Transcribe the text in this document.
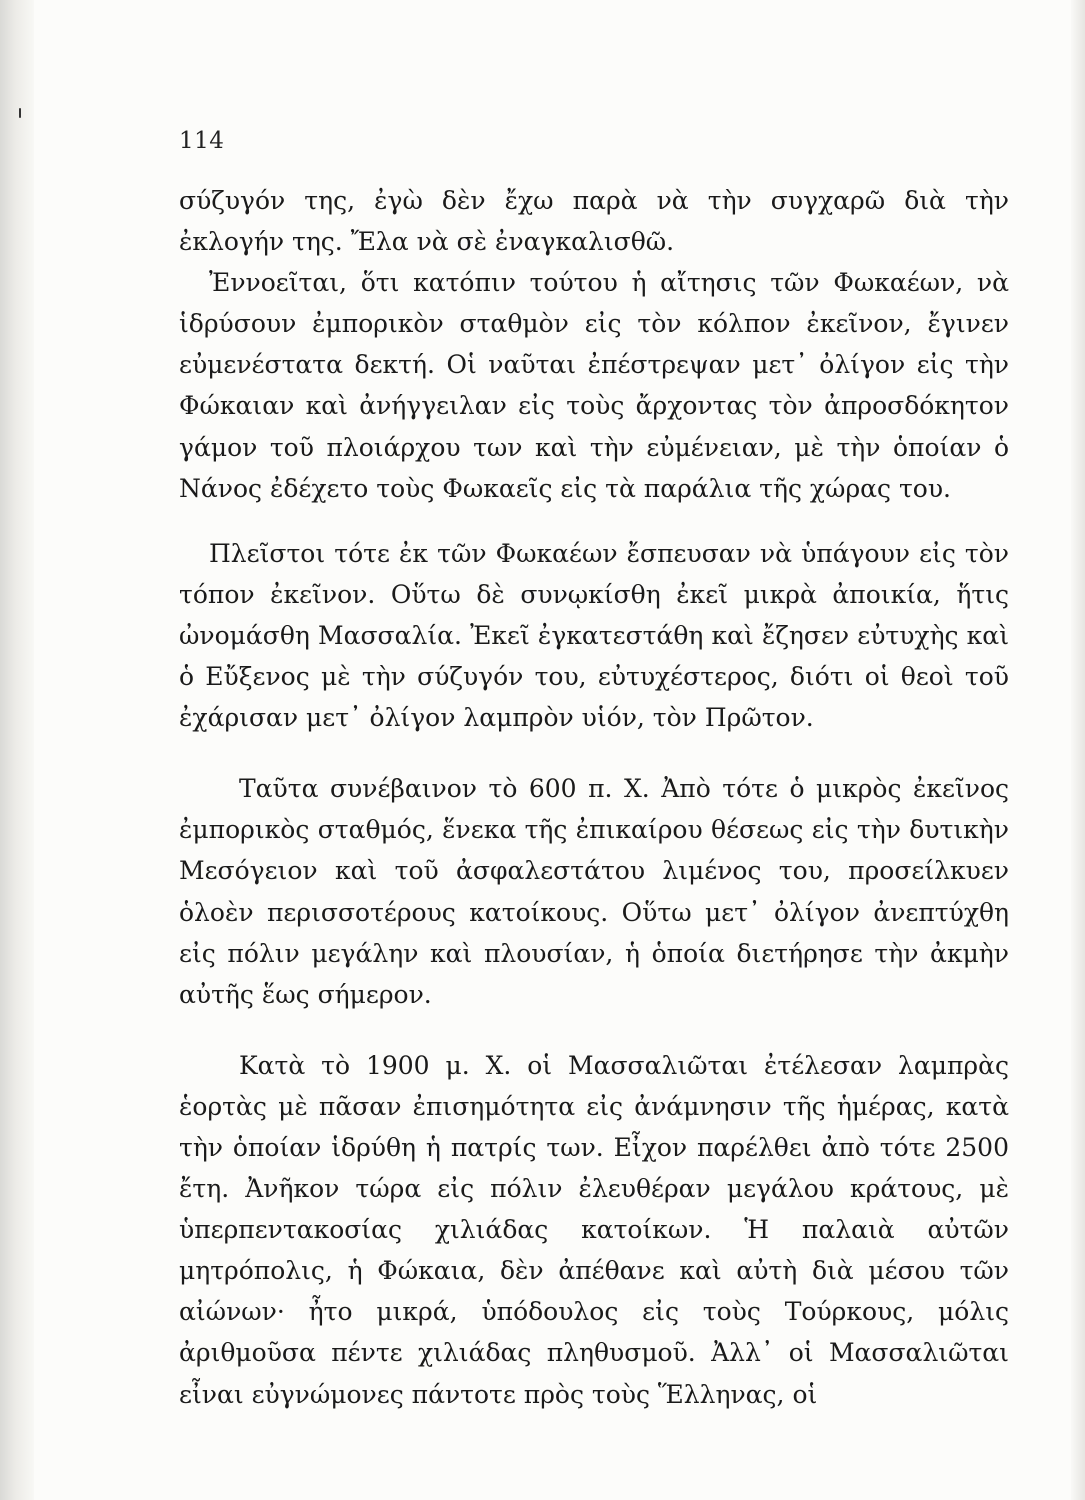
114

σύζυγόν της, ἐγὼ δὲν ἔχω παρὰ νὰ τὴν συγχαρῶ διὰ τὴν ἐκλογήν της. Ἔλα νὰ σὲ ἐναγκαλισθῶ.

Ἐννοεῖται, ὅτι κατόπιν τούτου ἡ αἴτησις τῶν Φωκαέων, νὰ ἱδρύσουν ἐμπορικὸν σταθμὸν εἰς τὸν κόλπον ἐκεῖνον, ἔγινεν εὐμενέστατα δεκτή. Οἱ ναῦται ἐπέστρεψαν μετ᾽ ὀλίγον εἰς τὴν Φώκαιαν καὶ ἀνήγγειλαν εἰς τοὺς ἄρχοντας τὸν ἀπροσδόκητον γάμον τοῦ πλοιάρχου των καὶ τὴν εὐμένειαν, μὲ τὴν ὁποίαν ὁ Νάνος ἐδέχετο τοὺς Φωκαεῖς εἰς τὰ παράλια τῆς χώρας του.

Πλεῖστοι τότε ἐκ τῶν Φωκαέων ἔσπευσαν νὰ ὑπάγουν εἰς τὸν τόπον ἐκεῖνον. Οὕτω δὲ συνῳκίσθη ἐκεῖ μικρὰ ἀποικία, ἥτις ὠνομάσθη Μασσαλία. Ἐκεῖ ἐγκατεστάθη καὶ ἔζησεν εὐτυχὴς καὶ ὁ Εὔξενος μὲ τὴν σύζυγόν του, εὐτυχέστερος, διότι οἱ θεοὶ τοῦ ἐχάρισαν μετ᾽ ὀλίγον λαμπρὸν υἱόν, τὸν Πρῶτον.

Ταῦτα συνέβαινον τὸ 600 π. Χ. Ἀπὸ τότε ὁ μικρὸς ἐκεῖνος ἐμπορικὸς σταθμός, ἕνεκα τῆς ἐπικαίρου θέσεως εἰς τὴν δυτικὴν Μεσόγειον καὶ τοῦ ἀσφαλεστάτου λιμένος του, προσείλκυεν ὁλοὲν περισσοτέρους κατοίκους. Οὕτω μετ᾽ ὀλίγον ἀνεπτύχθη εἰς πόλιν μεγάλην καὶ πλουσίαν, ἡ ὁποία διετήρησε τὴν ἀκμὴν αὐτῆς ἕως σήμερον.

Κατὰ τὸ 1900 μ. Χ. οἱ Μασσαλιῶται ἐτέλεσαν λαμπρὰς ἑορτὰς μὲ πᾶσαν ἐπισημότητα εἰς ἀνάμνησιν τῆς ἡμέρας, κατὰ τὴν ὁποίαν ἱδρύθη ἡ πατρίς των. Εἶχον παρέλθει ἀπὸ τότε 2500 ἔτη. Ἀνῆκον τώρα εἰς πόλιν ἐλευθέραν μεγάλου κράτους, μὲ ὑπερπεντακοσίας χιλιάδας κατοίκων. Ἡ παλαιὰ αὐτῶν μητρόπολις, ἡ Φώκαια, δὲν ἀπέθανε καὶ αὐτὴ διὰ μέσου τῶν αἰώνων· ἦτο μικρά, ὑπόδουλος εἰς τοὺς Τούρκους, μόλις ἀριθμοῦσα πέντε χιλιάδας πληθυσμοῦ. Ἀλλ᾽ οἱ Μασσαλιῶται εἶναι εὐγνώμονες πάντοτε πρὸς τοὺς Ἕλληνας, οἱ
